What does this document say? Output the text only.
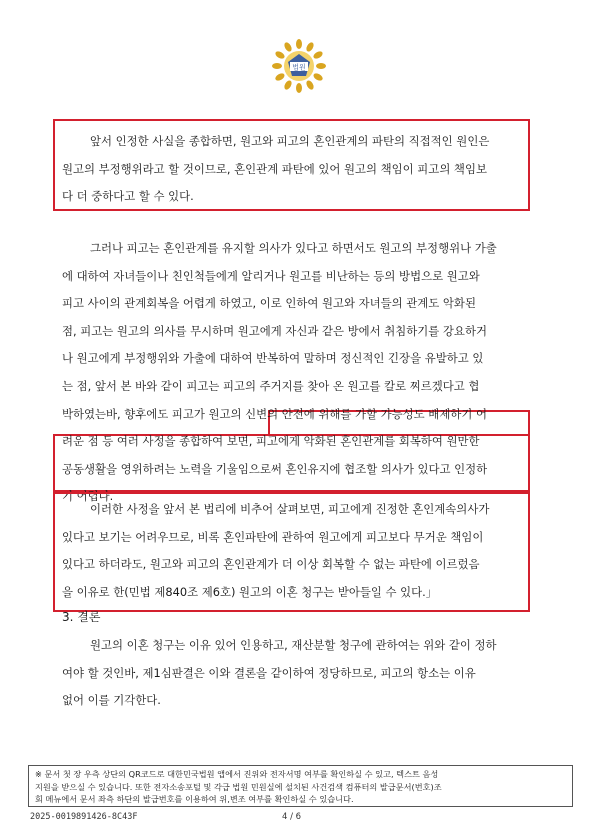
법원
앞서 인정한 사실을 종합하면, 원고와 피고의 혼인관계의 파탄의 직접적인 원인은
원고의 부정행위라고 할 것이므로, 혼인관계 파탄에 있어 원고의 책임이 피고의 책임보
다 더 중하다고 할 수 있다.
그러나 피고는 혼인관계를 유지할 의사가 있다고 하면서도 원고의 부정행위나 가출
에 대하여 자녀들이나 친인척들에게 알리거나 원고를 비난하는 등의 방법으로 원고와
피고 사이의 관계회복을 어렵게 하였고, 이로 인하여 원고와 자녀들의 관계도 악화된
점, 피고는 원고의 의사를 무시하며 원고에게 자신과 같은 방에서 취침하기를 강요하거
나 원고에게 부정행위와 가출에 대하여 반복하여 말하며 정신적인 긴장을 유발하고 있
는 점, 앞서 본 바와 같이 피고는 피고의 주거지를 찾아 온 원고를 칼로 찌르겠다고 협
박하였는바, 향후에도 피고가 원고의 신변의 안전에 위해를 가할 가능성도 배제하기 어
려운 점 등 여러 사정을 종합하여 보면, 피고에게 악화된 혼인관계를 회복하여 원만한
공동생활을 영위하려는 노력을 기울임으로써 혼인유지에 협조할 의사가 있다고 인정하
기 어렵다.
이러한 사정을 앞서 본 법리에 비추어 살펴보면, 피고에게 진정한 혼인계속의사가
있다고 보기는 어려우므로, 비록 혼인파탄에 관하여 원고에게 피고보다 무거운 책임이
있다고 하더라도, 원고와 피고의 혼인관계가 더 이상 회복할 수 없는 파탄에 이르렀음
을 이유로 한(민법 제840조 제6호) 원고의 이혼 청구는 받아들일 수 있다.」
3. 결론
원고의 이혼 청구는 이유 있어 인용하고, 재산분할 청구에 관하여는 위와 같이 정하
여야 할 것인바, 제1심판결은 이와 결론을 같이하여 정당하므로, 피고의 항소는 이유
없어 이를 기각한다.
※ 문서 첫 장 우측 상단의 QR코드로 대한민국법원 앱에서 진위와 전자서명 여부를 확인하실 수 있고, 텍스트 음성
지원을 받으실 수 있습니다. 또한 전자소송포털 및 각급 법원 민원실에 설치된 사건검색 컴퓨터의 발급문서(번호)조
회 메뉴에서 문서 좌측 하단의 발급번호를 이용하여 위,변조 여부를 확인하실 수 있습니다.
2025-0019891426-8C43F	4 / 6
